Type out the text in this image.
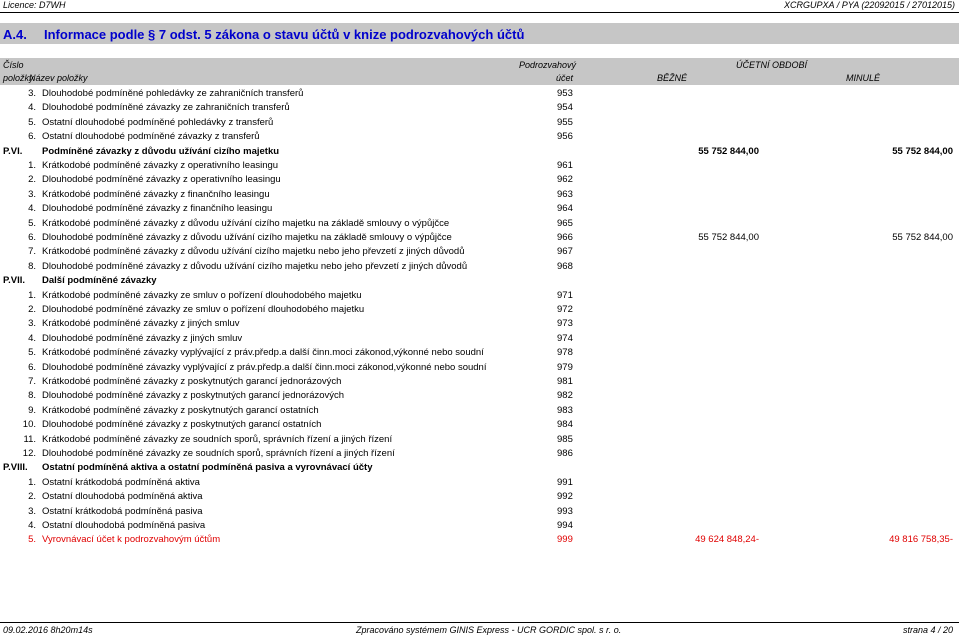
Licence: D7WH	XCRGUPXA / PYA (22092015 / 27012015)
A.4. Informace podle § 7 odst. 5 zákona o stavu účtů v knize podrozvahových účtů
Číslo
položky
Název položky
Podrozvahový
účet
ÚČETNÍ OBDOBÍ
BĚŽNÉ	MINULÉ
3. Dlouhodobé podmíněné pohledávky ze zahraničních transferů	953
4. Dlouhodobé podmíněné závazky ze zahraničních transferů	954
5. Ostatní dlouhodobé podmíněné pohledávky z transferů	955
6. Ostatní dlouhodobé podmíněné závazky z transferů	956
P.VI. Podmíněné závazky z důvodu užívání cizího majetku	55 752 844,00	55 752 844,00
1. Krátkodobé podmíněné závazky z operativního leasingu	961
2. Dlouhodobé podmíněné závazky z operativního leasingu	962
3. Krátkodobé podmíněné závazky z finančního leasingu	963
4. Dlouhodobé podmíněné závazky z finančního leasingu	964
5. Krátkodobé podmíněné závazky z důvodu užívání cizího majetku na základě smlouvy o výpůjčce	965
6. Dlouhodobé podmíněné závazky z důvodu užívání cizího majetku na základě smlouvy o výpůjčce	966	55 752 844,00	55 752 844,00
7. Krátkodobé podmíněné závazky z důvodu užívání cizího majetku nebo jeho převzetí z jiných důvodů	967
8. Dlouhodobé podmíněné závazky z důvodu užívání cizího majetku nebo jeho převzetí z jiných důvodů	968
P.VII. Další podmíněné závazky
1. Krátkodobé podmíněné závazky ze smluv o pořízení dlouhodobého majetku	971
2. Dlouhodobé podmíněné závazky ze smluv o pořízení dlouhodobého majetku	972
3. Krátkodobé podmíněné závazky z jiných smluv	973
4. Dlouhodobé podmíněné závazky z jiných smluv	974
5. Krátkodobé podmíněné závazky vyplývající z práv.předp.a další činn.moci zákonod,výkonné nebo soudní	978
6. Dlouhodobé podmíněné závazky vyplývající z práv.předp.a další činn.moci zákonod,výkonné nebo soudní	979
7. Krátkodobé podmíněné závazky z poskytnutých garancí jednorázových	981
8. Dlouhodobé podmíněné závazky z poskytnutých garancí jednorázových	982
9. Krátkodobé podmíněné závazky z poskytnutých garancí ostatních	983
10. Dlouhodobé podmíněné závazky z poskytnutých garancí ostatních	984
11. Krátkodobé podmíněné závazky ze soudních sporů, správních řízení a jiných řízení	985
12. Dlouhodobé podmíněné závazky ze soudních sporů, správních řízení a jiných řízení	986
P.VIII. Ostatní podmíněná aktiva a ostatní podmíněná pasiva a vyrovnávací účty
1. Ostatní krátkodobá podmíněná aktiva	991
2. Ostatní dlouhodobá podmíněná aktiva	992
3. Ostatní krátkodobá podmíněná pasiva	993
4. Ostatní dlouhodobá podmíněná pasiva	994
5. Vyrovnávací účet k podrozvahovým účtům	999	49 624 848,24-	49 816 758,35-
09.02.2016 8h20m14s	Zpracováno systémem GINIS Express - UCR GORDIC spol. s r. o.	strana 4 / 20
